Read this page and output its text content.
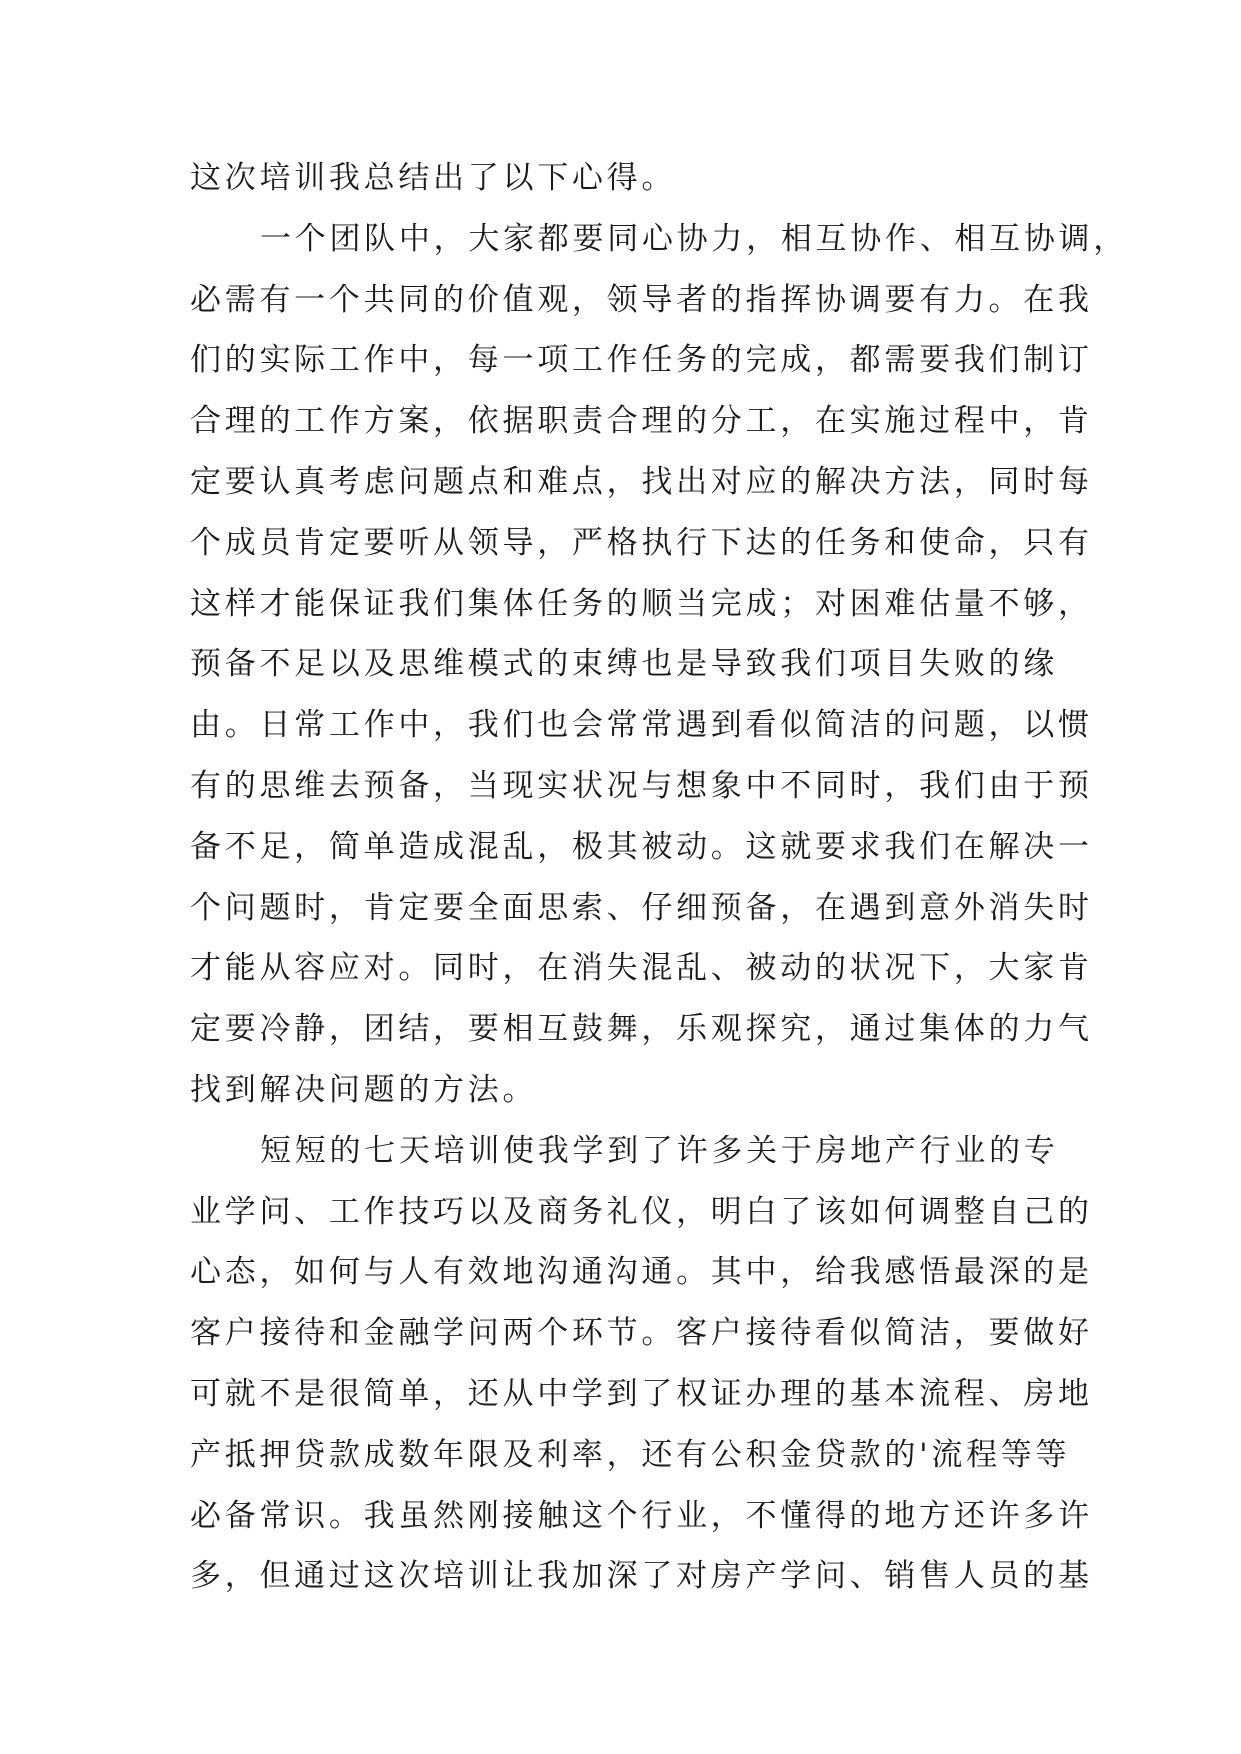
这次培训我总结出了以下心得。
一个团队中，大家都要同心协力，相互协作、相互协调，
必需有一个共同的价值观，领导者的指挥协调要有力。在我
们的实际工作中，每一项工作任务的完成，都需要我们制订
合理的工作方案，依据职责合理的分工，在实施过程中，肯
定要认真考虑问题点和难点，找出对应的解决方法，同时每
个成员肯定要听从领导，严格执行下达的任务和使命，只有
这样才能保证我们集体任务的顺当完成；对困难估量不够，
预备不足以及思维模式的束缚也是导致我们项目失败的缘
由。日常工作中，我们也会常常遇到看似简洁的问题，以惯
有的思维去预备，当现实状况与想象中不同时，我们由于预
备不足，简单造成混乱，极其被动。这就要求我们在解决一
个问题时，肯定要全面思索、仔细预备，在遇到意外消失时
才能从容应对。同时，在消失混乱、被动的状况下，大家肯
定要冷静，团结，要相互鼓舞，乐观探究，通过集体的力气
找到解决问题的方法。
短短的七天培训使我学到了许多关于房地产行业的专
业学问、工作技巧以及商务礼仪，明白了该如何调整自己的
心态，如何与人有效地沟通沟通。其中，给我感悟最深的是
客户接待和金融学问两个环节。客户接待看似简洁，要做好
可就不是很简单，还从中学到了权证办理的基本流程、房地
产抵押贷款成数年限及利率，还有公积金贷款的'流程等等
必备常识。我虽然刚接触这个行业，不懂得的地方还许多许
多，但通过这次培训让我加深了对房产学问、销售人员的基
